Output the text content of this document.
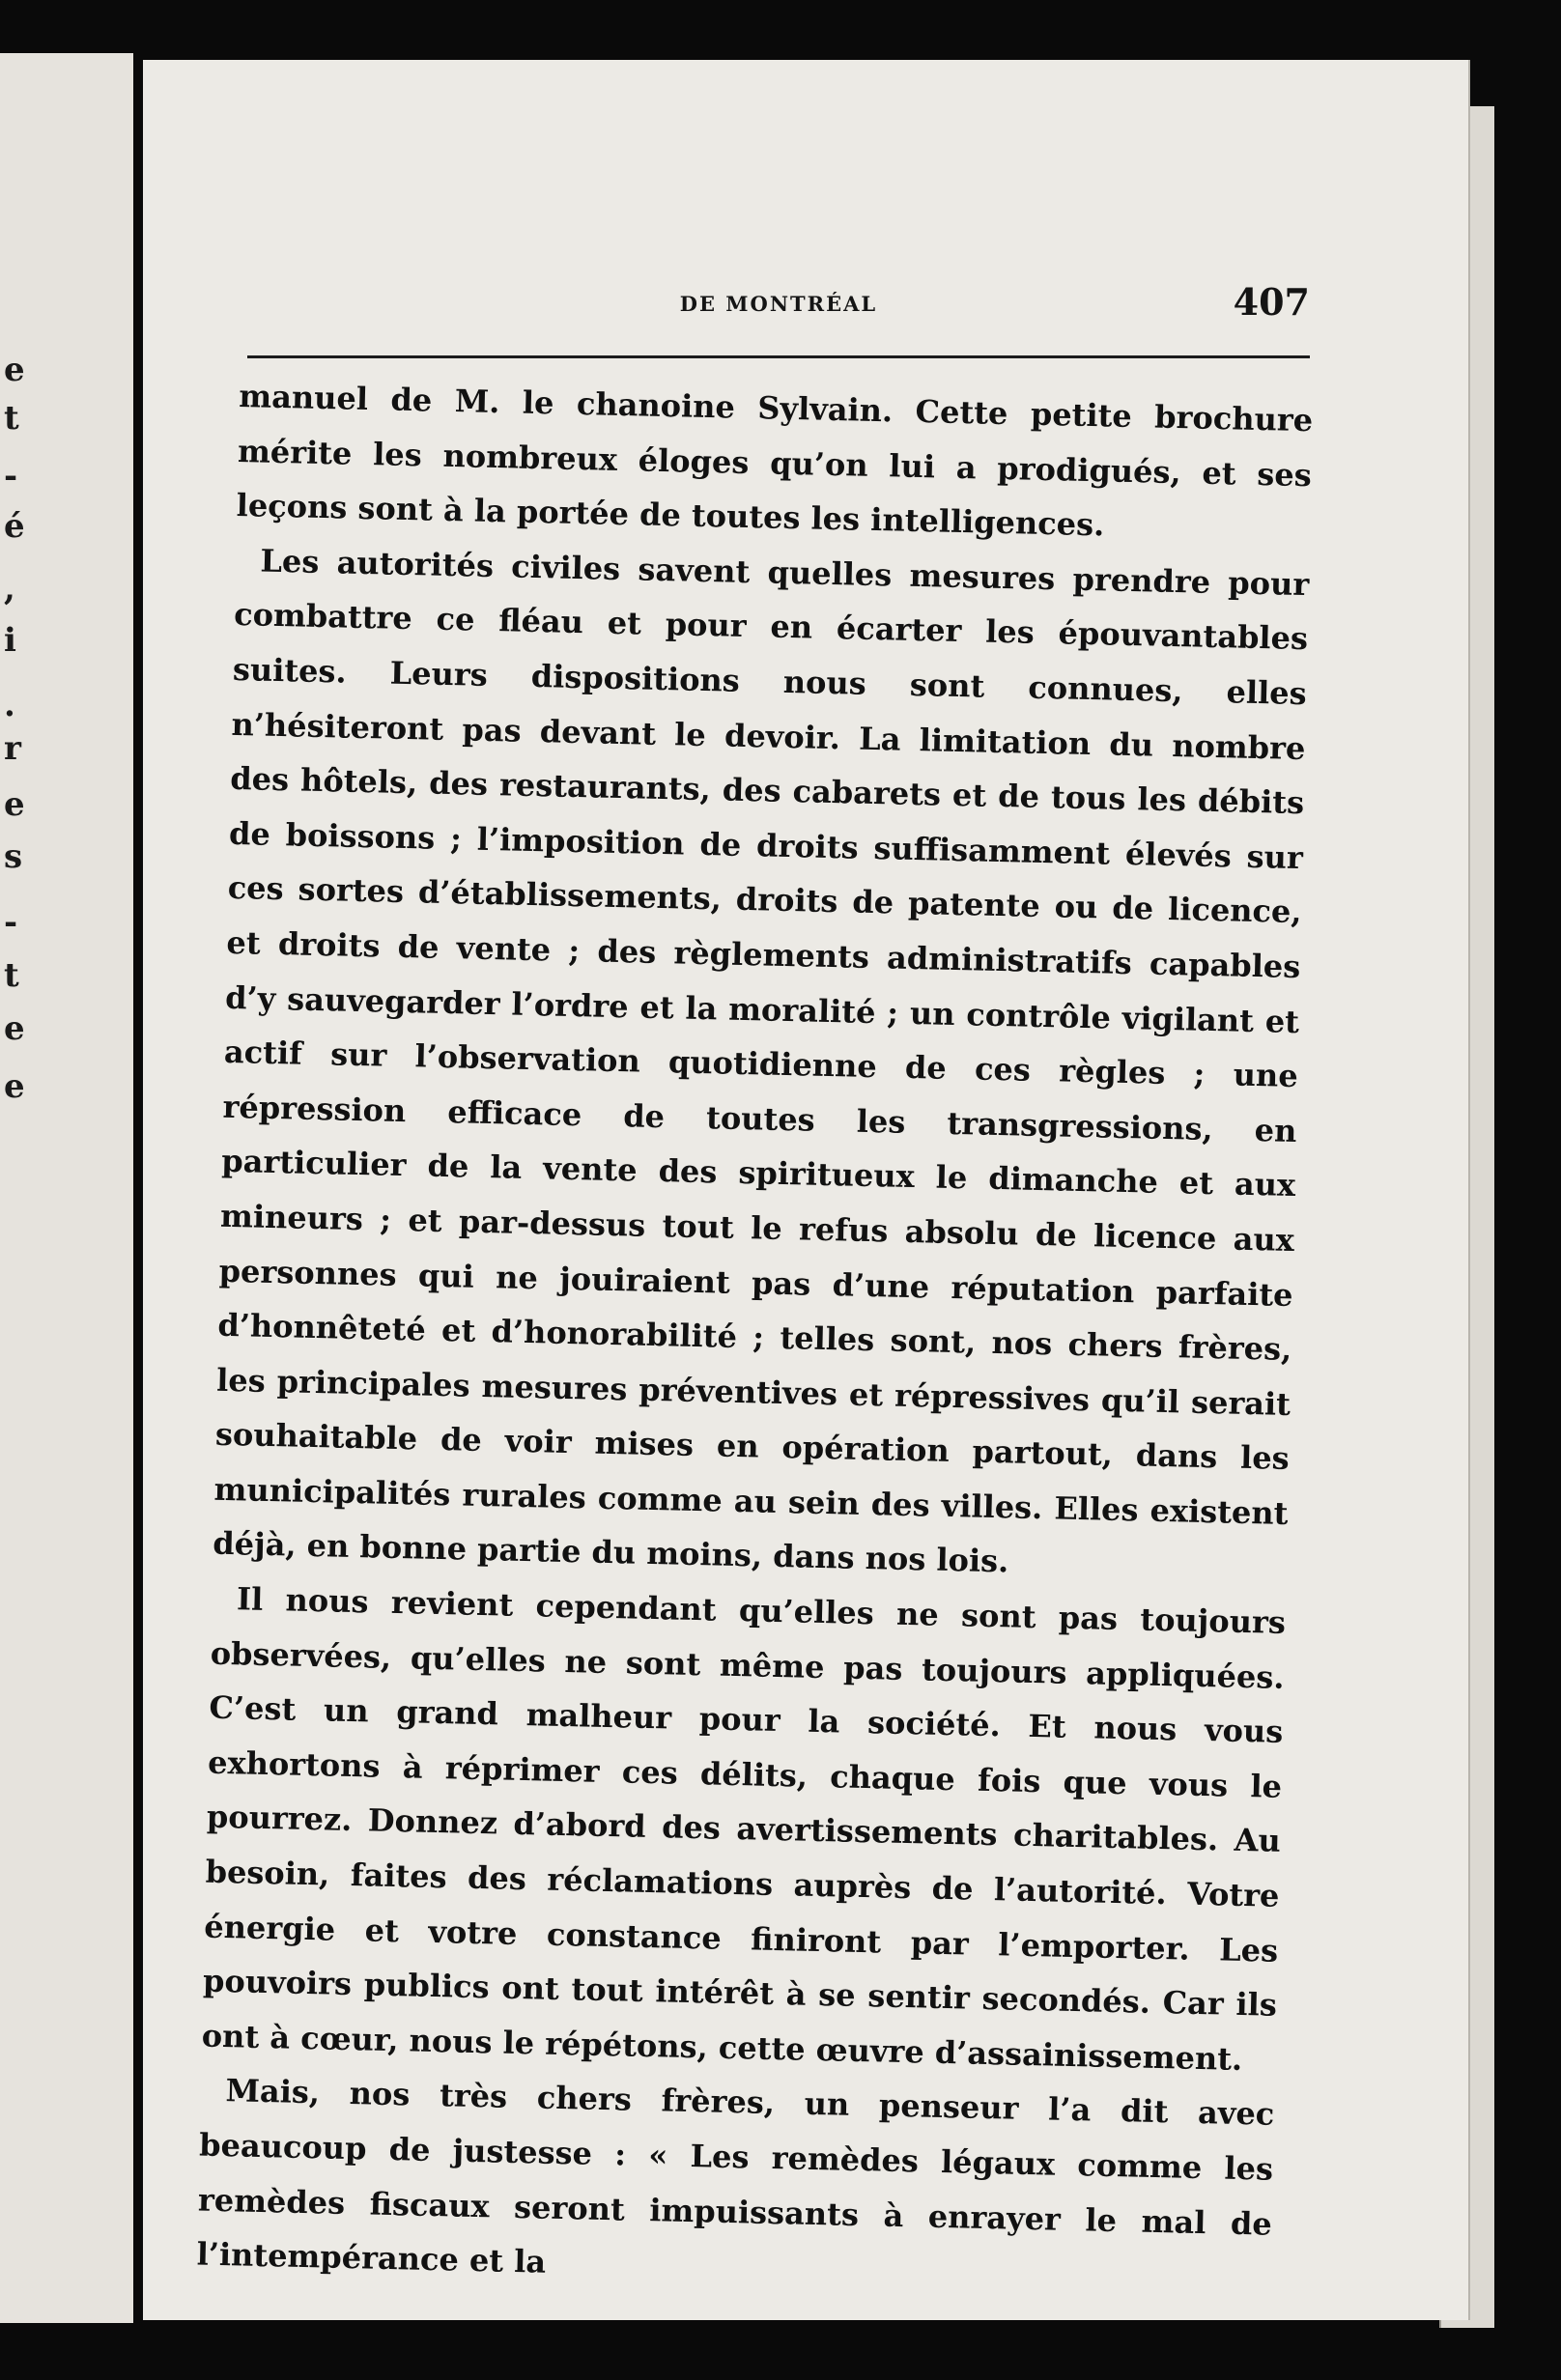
e
t
-
é
,
i
.
r
e
s
-
t
e
e
DE MONTRÉAL	407

manuel de M. le chanoine Sylvain. Cette petite brochure mérite les nombreux éloges qu’on lui a prodigués, et ses leçons sont à la portée de toutes les intelligences.

Les autorités civiles savent quelles mesures prendre pour combattre ce fléau et pour en écarter les épouvantables suites. Leurs dispositions nous sont connues, elles n’hésiteront pas devant le devoir. La limitation du nombre des hôtels, des restaurants, des cabarets et de tous les débits de boissons ; l’imposition de droits suffisamment élevés sur ces sortes d’établissements, droits de patente ou de licence, et droits de vente ; des règlements administratifs capables d’y sauvegarder l’ordre et la moralité ; un contrôle vigilant et actif sur l’observation quotidienne de ces règles ; une répression efficace de toutes les transgressions, en particulier de la vente des spiritueux le dimanche et aux mineurs ; et par-dessus tout le refus absolu de licence aux personnes qui ne jouiraient pas d’une réputation parfaite d’honnêteté et d’honorabilité ; telles sont, nos chers frères, les principales mesures préventives et répressives qu’il serait souhaitable de voir mises en opération partout, dans les municipalités rurales comme au sein des villes. Elles existent déjà, en bonne partie du moins, dans nos lois.

Il nous revient cependant qu’elles ne sont pas toujours observées, qu’elles ne sont même pas toujours appliquées. C’est un grand malheur pour la société. Et nous vous exhortons à réprimer ces délits, chaque fois que vous le pourrez. Donnez d’abord des avertissements charitables. Au besoin, faites des réclamations auprès de l’autorité. Votre énergie et votre constance finiront par l’emporter. Les pouvoirs publics ont tout intérêt à se sentir secondés. Car ils ont à cœur, nous le répétons, cette œuvre d’assainissement.

Mais, nos très chers frères, un penseur l’a dit avec beaucoup de justesse : « Les remèdes légaux comme les remèdes fiscaux seront impuissants à enrayer le mal de l’intempérance et la
